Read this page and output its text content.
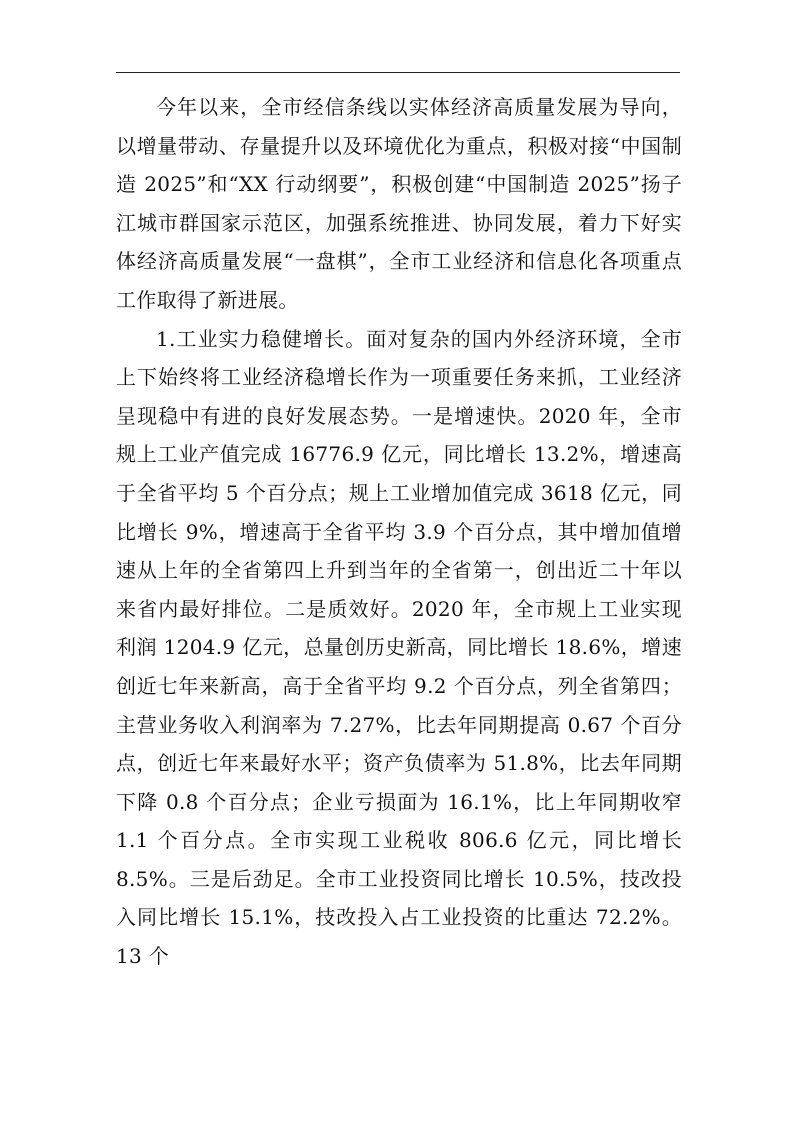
今年以来，全市经信条线以实体经济高质量发展为导向，以增量带动、存量提升以及环境优化为重点，积极对接“中国制造 2025”和“XX 行动纲要”，积极创建“中国制造 2025”扬子江城市群国家示范区，加强系统推进、协同发展，着力下好实体经济高质量发展“一盘棋”，全市工业经济和信息化各项重点工作取得了新进展。

1.工业实力稳健增长。面对复杂的国内外经济环境，全市上下始终将工业经济稳增长作为一项重要任务来抓，工业经济呈现稳中有进的良好发展态势。一是增速快。2020 年，全市规上工业产值完成 16776.9 亿元，同比增长 13.2%，增速高于全省平均 5 个百分点；规上工业增加值完成 3618 亿元，同比增长 9%，增速高于全省平均 3.9 个百分点，其中增加值增速从上年的全省第四上升到当年的全省第一，创出近二十年以来省内最好排位。二是质效好。2020 年，全市规上工业实现利润 1204.9 亿元，总量创历史新高，同比增长 18.6%，增速创近七年来新高，高于全省平均 9.2 个百分点，列全省第四；主营业务收入利润率为 7.27%，比去年同期提高 0.67 个百分点，创近七年来最好水平；资产负债率为 51.8%，比去年同期下降 0.8 个百分点；企业亏损面为 16.1%，比上年同期收窄 1.1 个百分点。全市实现工业税收 806.6 亿元，同比增长 8.5%。三是后劲足。全市工业投资同比增长 10.5%，技改投入同比增长 15.1%，技改投入占工业投资的比重达 72.2%。13 个
